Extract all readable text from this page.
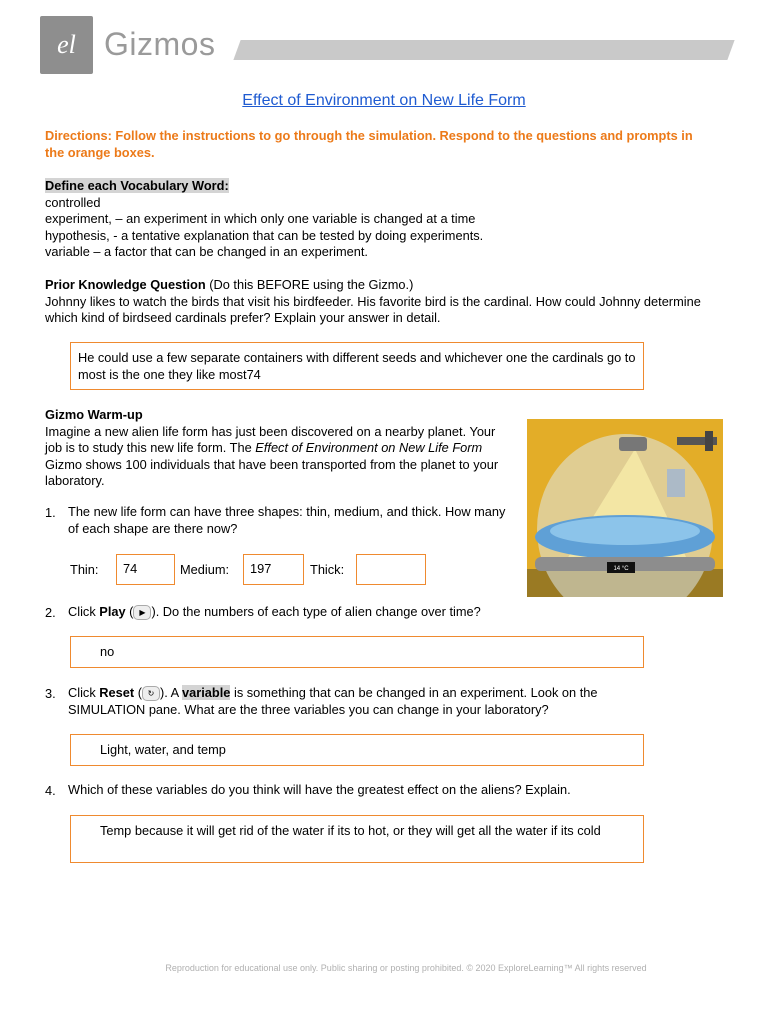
el Gizmos
Effect of Environment on New Life Form
Directions: Follow the instructions to go through the simulation. Respond to the questions and prompts in the orange boxes.
Define each Vocabulary Word:
controlled
experiment, – an experiment in which only one variable is changed at a time
hypothesis, - a tentative explanation that can be tested by doing experiments.
variable – a factor that can be changed in an experiment.
Prior Knowledge Question (Do this BEFORE using the Gizmo.)
Johnny likes to watch the birds that visit his birdfeeder. His favorite bird is the cardinal. How could Johnny determine which kind of birdseed cardinals prefer? Explain your answer in detail.
He could use a few separate containers with different seeds and whichever one the cardinals go to most is the one they like most74
Gizmo Warm-up
Imagine a new alien life form has just been discovered on a nearby planet. Your job is to study this new life form. The Effect of Environment on New Life Form Gizmo shows 100 individuals that have been transported from the planet to your laboratory.
14 °C
1. The new life form can have three shapes: thin, medium, and thick. How many of each shape are there now?
Thin:	74	Medium:	197	Thick:
2. Click Play ( ▶ ). Do the numbers of each type of alien change over time?
no
3. Click Reset ( ↻ ). A variable is something that can be changed in an experiment. Look on the SIMULATION pane. What are the three variables you can change in your laboratory?
Light, water, and temp
4. Which of these variables do you think will have the greatest effect on the aliens? Explain.
Temp because it will get rid of the water if its to hot, or they will get all the water if its cold
Reproduction for educational use only. Public sharing or posting prohibited. © 2020 ExploreLearning™ All rights reserved
